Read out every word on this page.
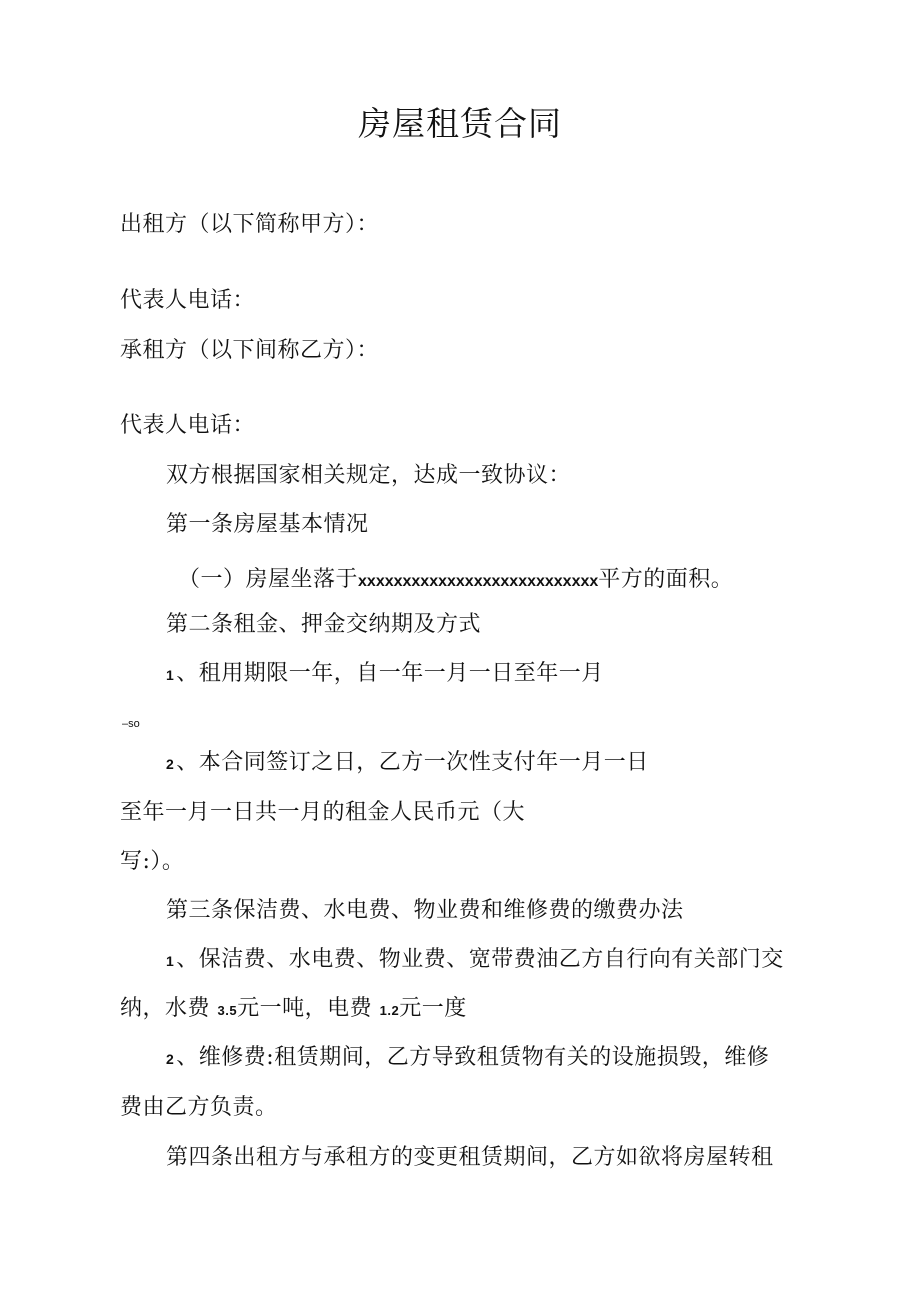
房屋租赁合同
出租方（以下简称甲方）：
代表人电话：
承租方（以下间称乙方）：
代表人电话：
双方根据国家相关规定，达成一致协议：
第一条房屋基本情况
（一）房屋坐落于xxxxxxxxxxxxxxxxxxxxxxxxxxx平方的面积。
第二条租金、押金交纳期及方式
1、租用期限一年，自一年一月一日至年一月
–so
2、本合同签订之日，乙方一次性支付年一月一日
至年一月一日共一月的租金人民币元（大
写:）。
第三条保洁费、水电费、物业费和维修费的缴费办法
1、保洁费、水电费、物业费、宽带费油乙方自行向有关部门交
纳，水费 3.5元一吨，电费 1.2元一度
2、维修费:租赁期间，乙方导致租赁物有关的设施损毁，维修
费由乙方负责。
第四条出租方与承租方的变更租赁期间，乙方如欲将房屋转租
